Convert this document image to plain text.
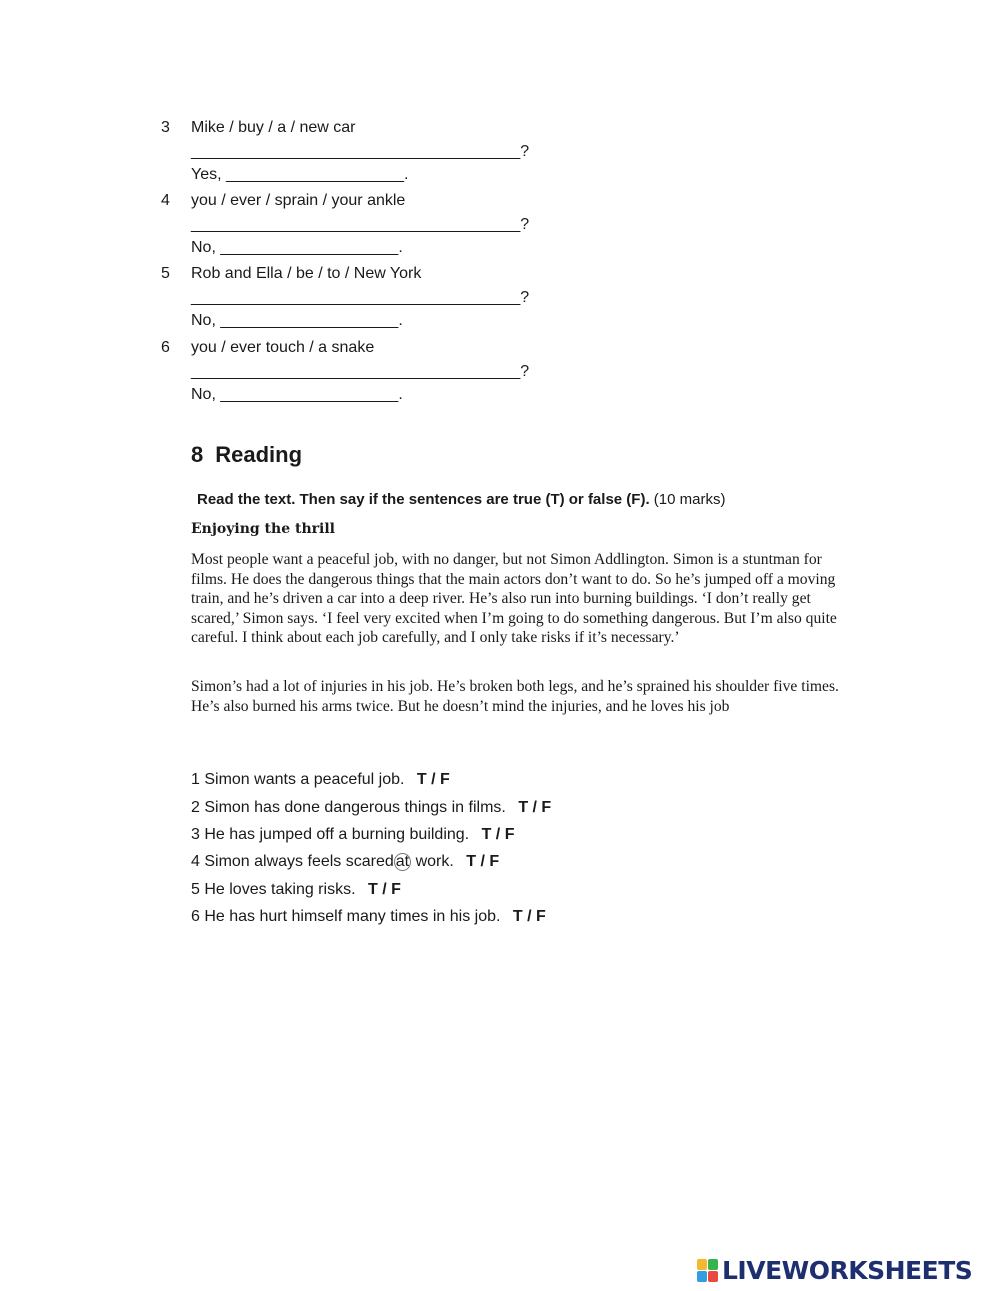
3 Mike / buy / a / new car
_____________________________________?
Yes, ____________________.
4 you / ever / sprain / your ankle
_____________________________________?
No, ____________________.
5 Rob and Ella / be / to / New York
_____________________________________?
No, ____________________.
6 you / ever touch / a snake
_____________________________________?
No, ____________________.
8 Reading
Read the text. Then say if the sentences are true (T) or false (F). (10 marks)
Enjoying the thrill
Most people want a peaceful job, with no danger, but not Simon Addlington. Simon is a stuntman for films. He does the dangerous things that the main actors don’t want to do. So he’s jumped off a moving train, and he’s driven a car into a deep river. He’s also run into burning buildings. ‘I don’t really get scared,’ Simon says. ‘I feel very excited when I’m going to do something dangerous. But I’m also quite careful. I think about each job carefully, and I only take risks if it’s necessary.’
Simon’s had a lot of injuries in his job. He’s broken both legs, and he’s sprained his shoulder five times. He’s also burned his arms twice. But he doesn’t mind the injuries, and he loves his job
1 Simon wants a peaceful job. T / F
2 Simon has done dangerous things in films. T / F
3 He has jumped off a burning building. T / F
4 Simon always feels scared at work. T / F
5 He loves taking risks. T / F
6 He has hurt himself many times in his job. T / F
LIVEWORKSHEETS
